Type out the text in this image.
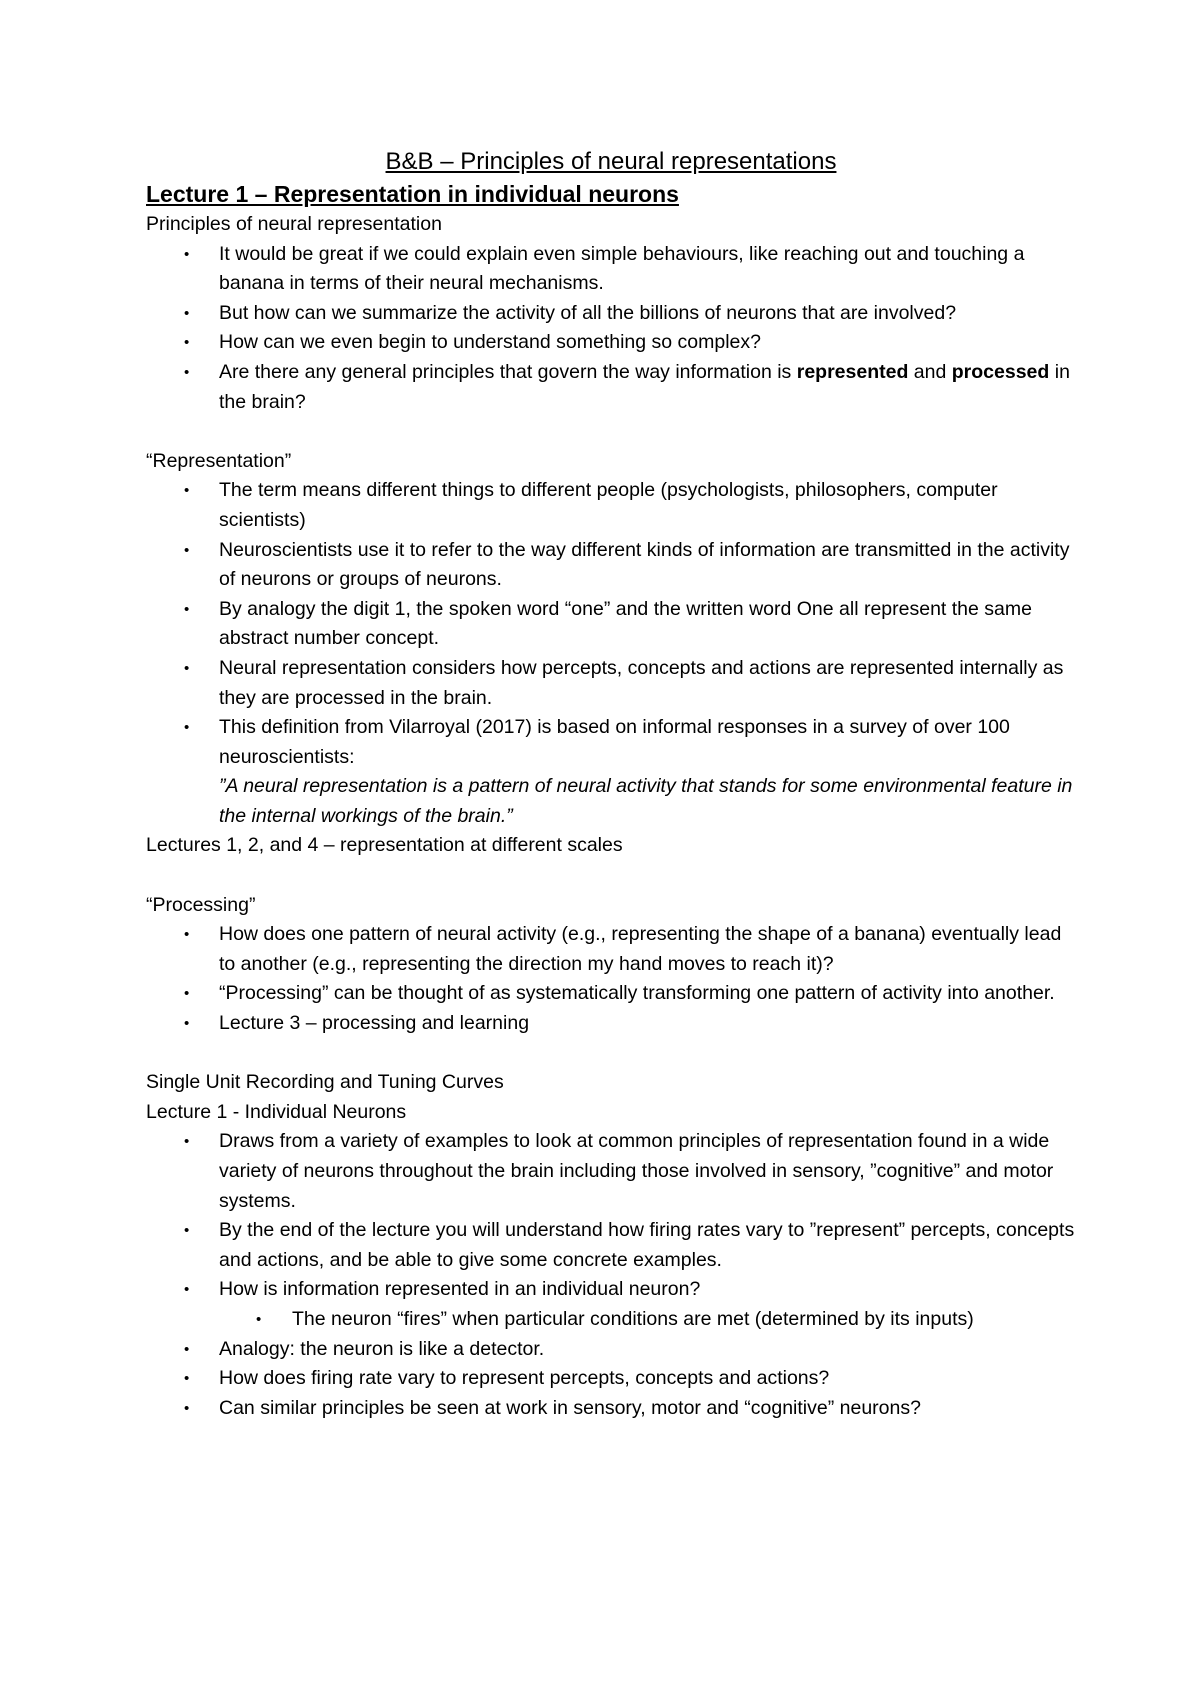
B&B – Principles of neural representations
Lecture 1 – Representation in individual neurons

Principles of neural representation

• It would be great if we could explain even simple behaviours, like reaching out and touching a banana in terms of their neural mechanisms.
• But how can we summarize the activity of all the billions of neurons that are involved?
• How can we even begin to understand something so complex?
• Are there any general principles that govern the way information is represented and processed in the brain?

“Representation”

• The term means different things to different people (psychologists, philosophers, computer scientists)
• Neuroscientists use it to refer to the way different kinds of information are transmitted in the activity of neurons or groups of neurons.
• By analogy the digit 1, the spoken word “one” and the written word One all represent the same abstract number concept.
• Neural representation considers how percepts, concepts and actions are represented internally as they are processed in the brain.
• This definition from Vilarroyal (2017) is based on informal responses in a survey of over 100 neuroscientists:
”A neural representation is a pattern of neural activity that stands for some environmental feature in the internal workings of the brain.”

Lectures 1, 2, and 4 – representation at different scales

“Processing”

• How does one pattern of neural activity (e.g., representing the shape of a banana) eventually lead to another (e.g., representing the direction my hand moves to reach it)?
• “Processing” can be thought of as systematically transforming one pattern of activity into another.
• Lecture 3 – processing and learning

Single Unit Recording and Tuning Curves

Lecture 1 - Individual Neurons

• Draws from a variety of examples to look at common principles of representation found in a wide variety of neurons throughout the brain including those involved in sensory, ”cognitive” and motor systems.
• By the end of the lecture you will understand how firing rates vary to ”represent” percepts, concepts and actions, and be able to give some concrete examples.
• How is information represented in an individual neuron?
• The neuron “fires” when particular conditions are met (determined by its inputs)
• Analogy: the neuron is like a detector.
• How does firing rate vary to represent percepts, concepts and actions?
• Can similar principles be seen at work in sensory, motor and “cognitive” neurons?
